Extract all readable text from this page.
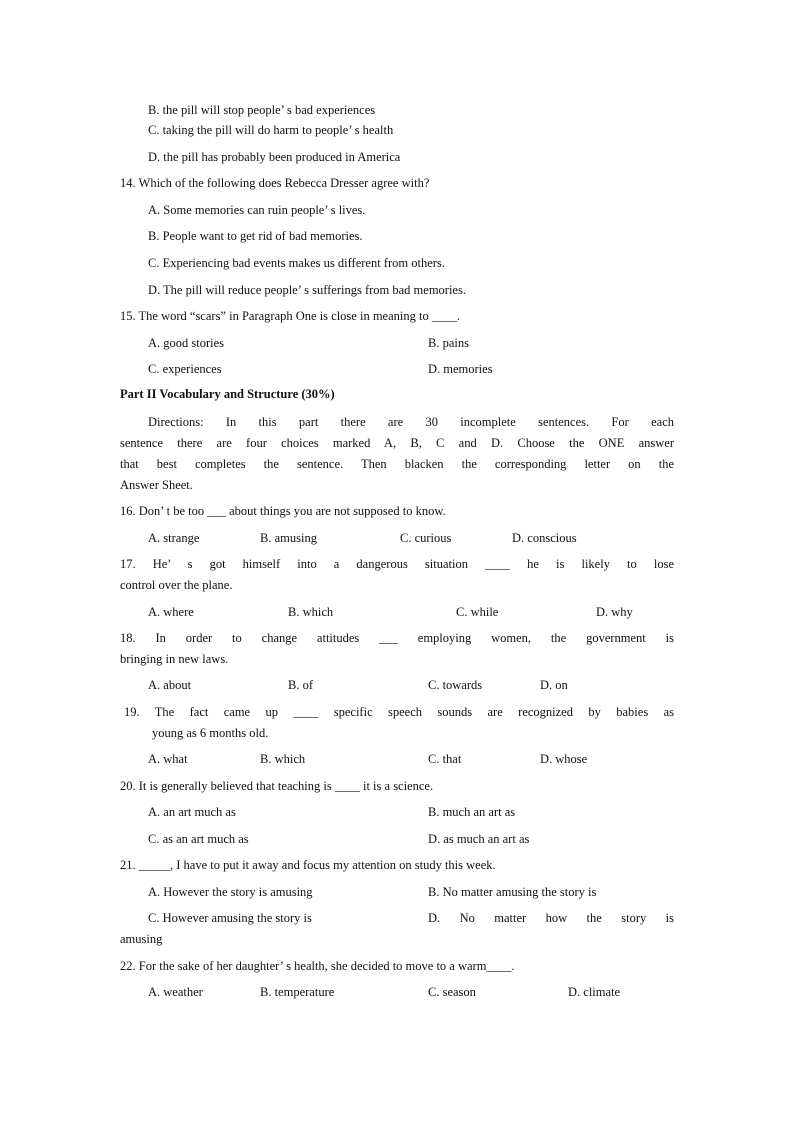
B. the pill will stop people’ s bad experiences
C. taking the pill will do harm to people’ s health
D. the pill has probably been produced in America
14. Which of the following does Rebecca Dresser agree with?
A. Some memories can ruin people’ s lives.
B. People want to get rid of bad memories.
C. Experiencing bad events makes us different from others.
D. The pill will reduce people’ s sufferings from bad memories.
15. The word “scars” in Paragraph One is close in meaning to ____.
A. good stories	B. pains
C. experiences	D. memories
Part II Vocabulary and Structure (30%)
Directions: In this part there are 30 incomplete sentences. For each
sentence there are four choices marked A, B, C and D. Choose the ONE answer
that best completes the sentence. Then blacken the corresponding letter on the
Answer Sheet.
16. Don’ t be too ___ about things you are not supposed to know.
A. strange	B. amusing	C. curious	D. conscious
17. He’ s got himself into a dangerous situation ____ he is likely to lose
control over the plane.
A. where	B. which	C. while	D. why
18. In order to change attitudes ___ employing women, the government is
bringing in new laws.
A. about	B. of	C. towards	D. on
19. The fact came up ____ specific speech sounds are recognized by babies as
young as 6 months old.
A. what	B. which	C. that	D. whose
20. It is generally believed that teaching is ____ it is a science.
A. an art much as	B. much an art as
C. as an art much as	D. as much an art as
21. _____, I have to put it away and focus my attention on study this week.
A. However the story is amusing	B. No matter amusing the story is
C. However amusing the story is	D. No matter how the story is
amusing
22. For the sake of her daughter’ s health, she decided to move to a warm____.
A. weather	B. temperature	C. season	D. climate
